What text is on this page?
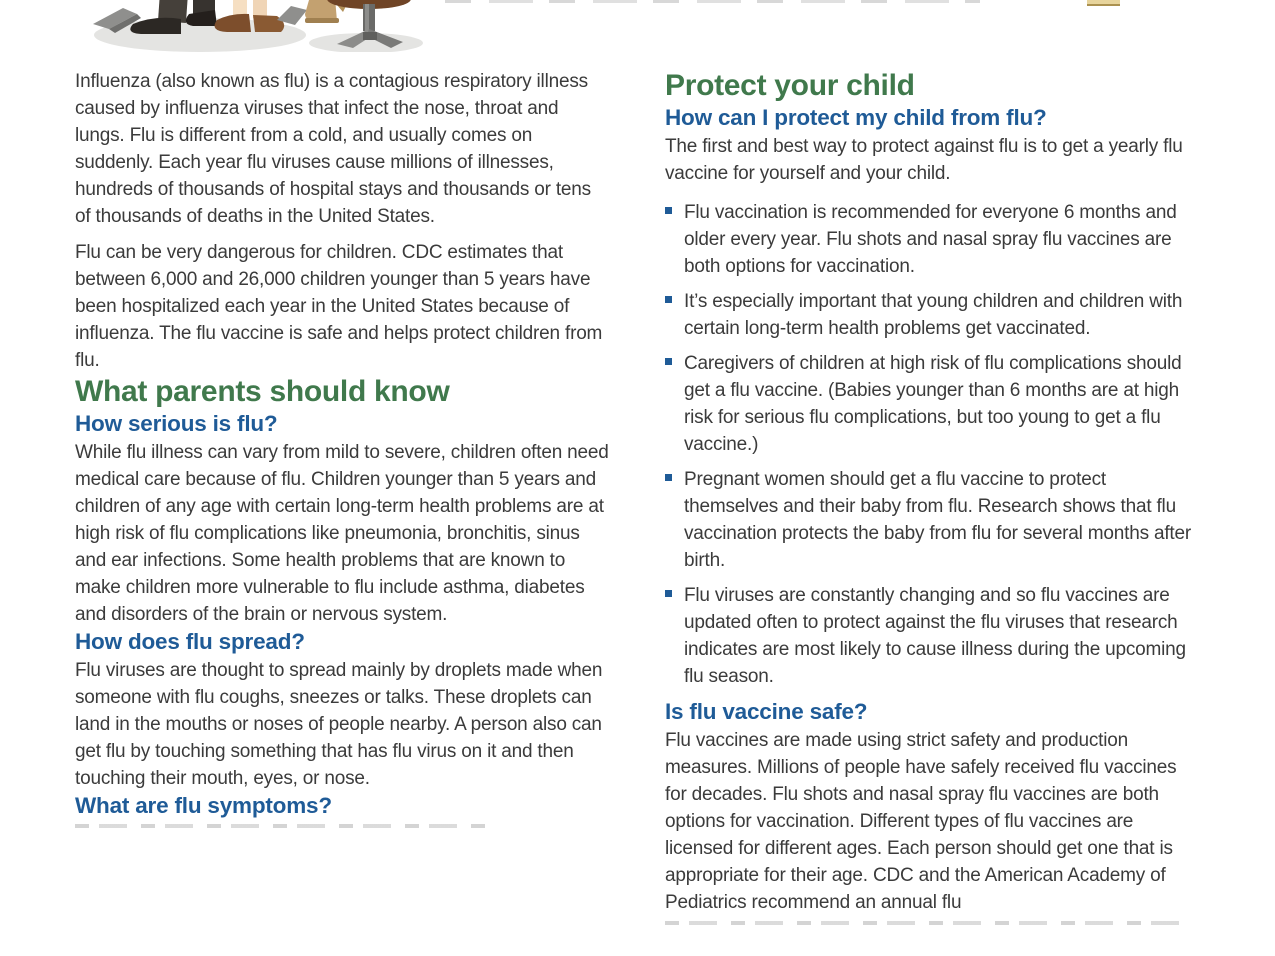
Influenza (also known as flu) is a contagious respiratory illness caused by influenza viruses that infect the nose, throat and lungs. Flu is different from a cold, and usually comes on suddenly. Each year flu viruses cause millions of illnesses, hundreds of thousands of hospital stays and thousands or tens of thousands of deaths in the United States.

Flu can be very dangerous for children. CDC estimates that between 6,000 and 26,000 children younger than 5 years have been hospitalized each year in the United States because of influenza. The flu vaccine is safe and helps protect children from flu.

What parents should know
How serious is flu?

While flu illness can vary from mild to severe, children often need medical care because of flu. Children younger than 5 years and children of any age with certain long-term health problems are at high risk of flu complications like pneumonia, bronchitis, sinus and ear infections. Some health problems that are known to make children more vulnerable to flu include asthma, diabetes and disorders of the brain or nervous system.

How does flu spread?

Flu viruses are thought to spread mainly by droplets made when someone with flu coughs, sneezes or talks. These droplets can land in the mouths or noses of people nearby. A person also can get flu by touching something that has flu virus on it and then touching their mouth, eyes, or nose.

What are flu symptoms?
Protect your child
How can I protect my child from flu?

The first and best way to protect against flu is to get a yearly flu vaccine for yourself and your child.

Flu vaccination is recommended for everyone 6 months and older every year. Flu shots and nasal spray flu vaccines are both options for vaccination.
It’s especially important that young children and children with certain long-term health problems get vaccinated.
Caregivers of children at high risk of flu complications should get a flu vaccine. (Babies younger than 6 months are at high risk for serious flu complications, but too young to get a flu vaccine.)
Pregnant women should get a flu vaccine to protect themselves and their baby from flu. Research shows that flu vaccination protects the baby from flu for several months after birth.
Flu viruses are constantly changing and so flu vaccines are updated often to protect against the flu viruses that research indicates are most likely to cause illness during the upcoming flu season.
Is flu vaccine safe?

Flu vaccines are made using strict safety and production measures. Millions of people have safely received flu vaccines for decades. Flu shots and nasal spray flu vaccines are both options for vaccination. Different types of flu vaccines are licensed for different ages. Each person should get one that is appropriate for their age. CDC and the American Academy of Pediatrics recommend an annual flu
